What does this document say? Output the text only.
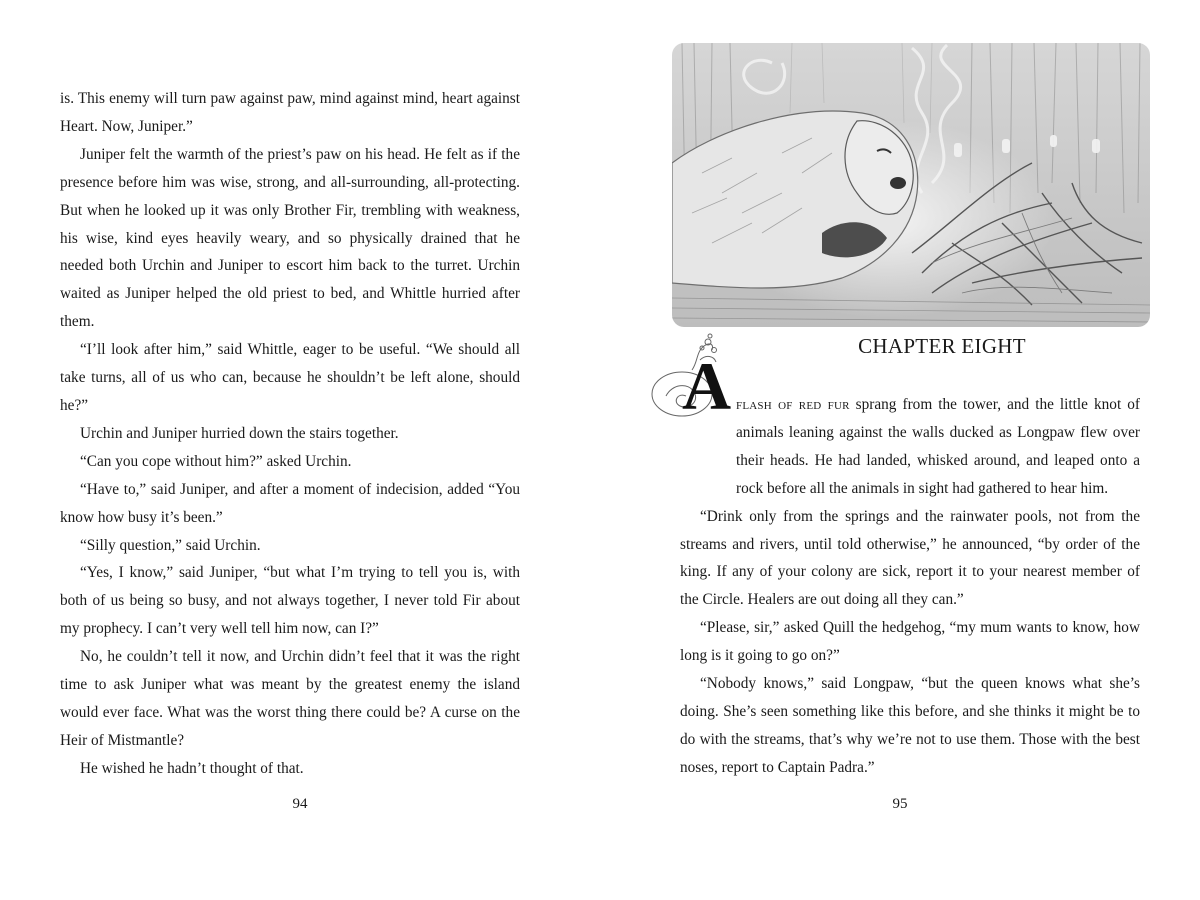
is. This enemy will turn paw against paw, mind against mind, heart against Heart. Now, Juniper.”

Juniper felt the warmth of the priest’s paw on his head. He felt as if the presence before him was wise, strong, and all-surrounding, all-protecting. But when he looked up it was only Brother Fir, trembling with weakness, his wise, kind eyes heavily weary, and so physically drained that he needed both Urchin and Juniper to escort him back to the turret. Urchin waited as Juniper helped the old priest to bed, and Whittle hurried after them.

“I’ll look after him,” said Whittle, eager to be useful. “We should all take turns, all of us who can, because he shouldn’t be left alone, should he?”

Urchin and Juniper hurried down the stairs together.

“Can you cope without him?” asked Urchin.

“Have to,” said Juniper, and after a moment of indecision, added “You know how busy it’s been.”

“Silly question,” said Urchin.

“Yes, I know,” said Juniper, “but what I’m trying to tell you is, with both of us being so busy, and not always together, I never told Fir about my prophecy. I can’t very well tell him now, can I?”

No, he couldn’t tell it now, and Urchin didn’t feel that it was the right time to ask Juniper what was meant by the greatest enemy the island would ever face. What was the worst thing there could be? A curse on the Heir of Mistmantle?

He wished he hadn’t thought of that.

94
CHAPTER EIGHT
A flash of red fur sprang from the tower, and the little knot of animals leaning against the walls ducked as Longpaw flew over their heads. He had landed, whisked around, and leaped onto a rock before all the animals in sight had gathered to hear him.

“Drink only from the springs and the rainwater pools, not from the streams and rivers, until told otherwise,” he announced, “by order of the king. If any of your colony are sick, report it to your nearest member of the Circle. Healers are out doing all they can.”

“Please, sir,” asked Quill the hedgehog, “my mum wants to know, how long is it going to go on?”

“Nobody knows,” said Longpaw, “but the queen knows what she’s doing. She’s seen something like this before, and she thinks it might be to do with the streams, that’s why we’re not to use them. Those with the best noses, report to Captain Padra.”

95
